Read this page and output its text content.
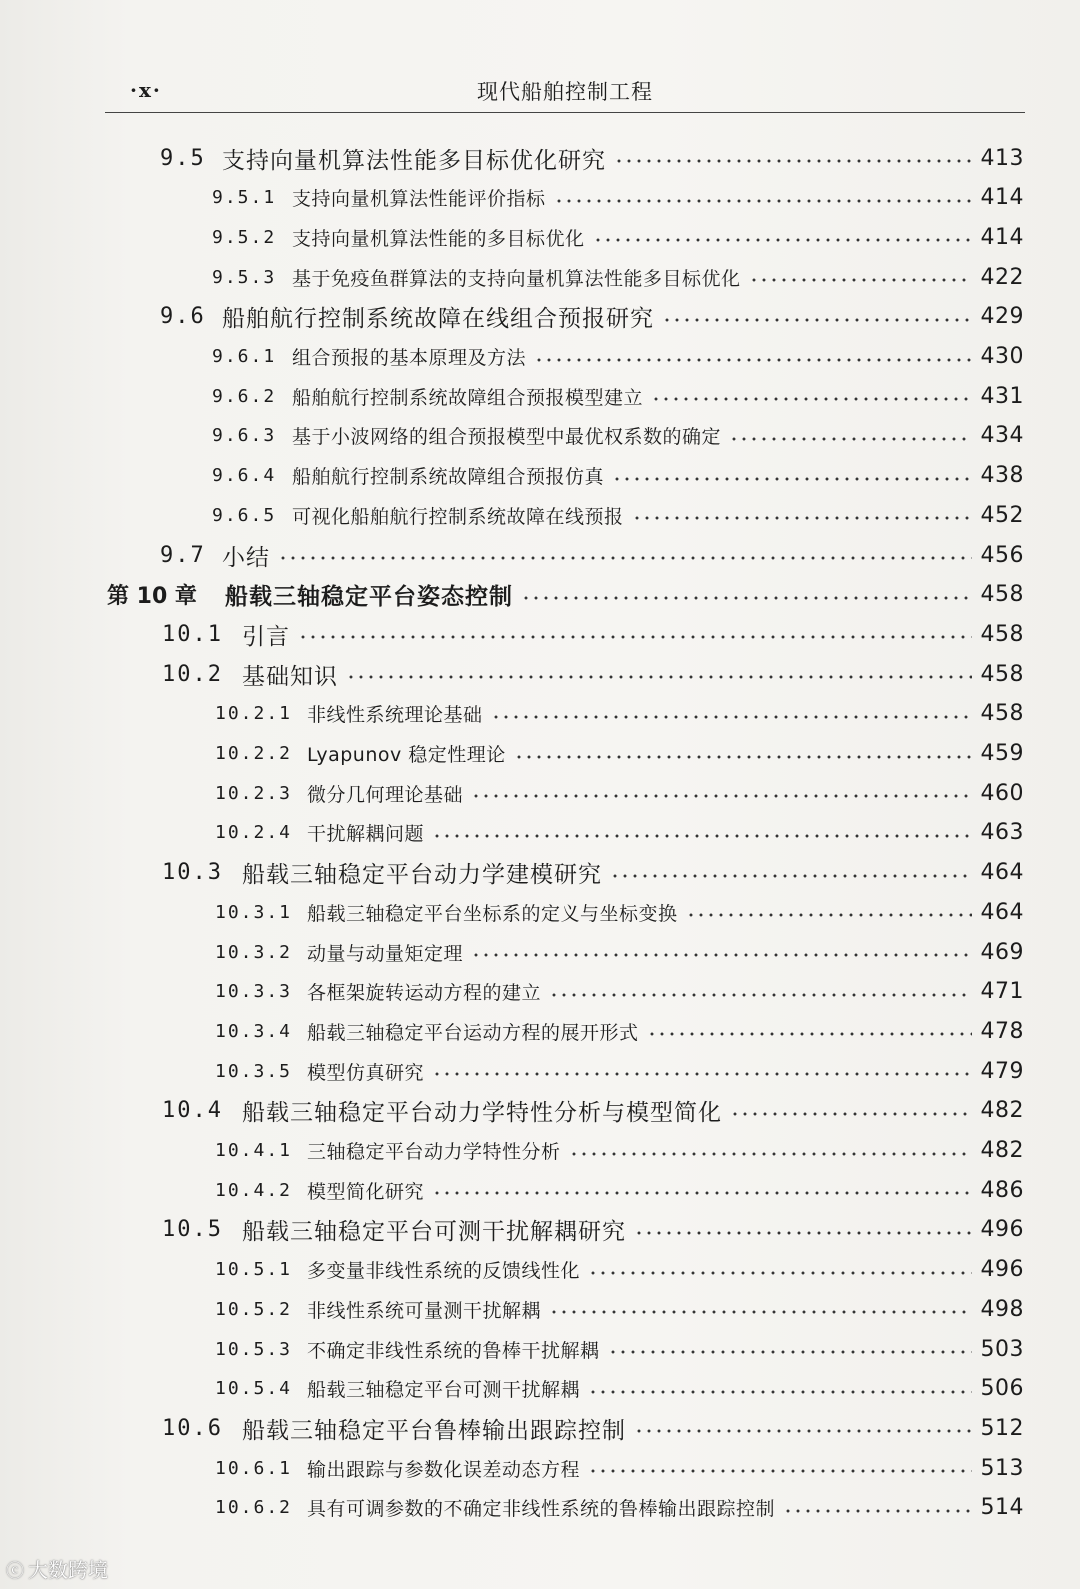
·x·	现代船舶控制工程
9.5 支持向量机算法性能多目标优化研究	413
9.5.1 支持向量机算法性能评价指标	414
9.5.2 支持向量机算法性能的多目标优化	414
9.5.3 基于免疫鱼群算法的支持向量机算法性能多目标优化	422
9.6 船舶航行控制系统故障在线组合预报研究	429
9.6.1 组合预报的基本原理及方法	430
9.6.2 船舶航行控制系统故障组合预报模型建立	431
9.6.3 基于小波网络的组合预报模型中最优权系数的确定	434
9.6.4 船舶航行控制系统故障组合预报仿真	438
9.6.5 可视化船舶航行控制系统故障在线预报	452
9.7 小结	456
第 10 章	船载三轴稳定平台姿态控制	458
10.1 引言	458
10.2 基础知识	458
10.2.1 非线性系统理论基础	458
10.2.2 Lyapunov 稳定性理论	459
10.2.3 微分几何理论基础	460
10.2.4 干扰解耦问题	463
10.3 船载三轴稳定平台动力学建模研究	464
10.3.1 船载三轴稳定平台坐标系的定义与坐标变换	464
10.3.2 动量与动量矩定理	469
10.3.3 各框架旋转运动方程的建立	471
10.3.4 船载三轴稳定平台运动方程的展开形式	478
10.3.5 模型仿真研究	479
10.4 船载三轴稳定平台动力学特性分析与模型简化	482
10.4.1 三轴稳定平台动力学特性分析	482
10.4.2 模型简化研究	486
10.5 船载三轴稳定平台可测干扰解耦研究	496
10.5.1 多变量非线性系统的反馈线性化	496
10.5.2 非线性系统可量测干扰解耦	498
10.5.3 不确定非线性系统的鲁棒干扰解耦	503
10.5.4 船载三轴稳定平台可测干扰解耦	506
10.6 船载三轴稳定平台鲁棒输出跟踪控制	512
10.6.1 输出跟踪与参数化误差动态方程	513
10.6.2 具有可调参数的不确定非线性系统的鲁棒输出跟踪控制	514
ⓒ 大数跨境
